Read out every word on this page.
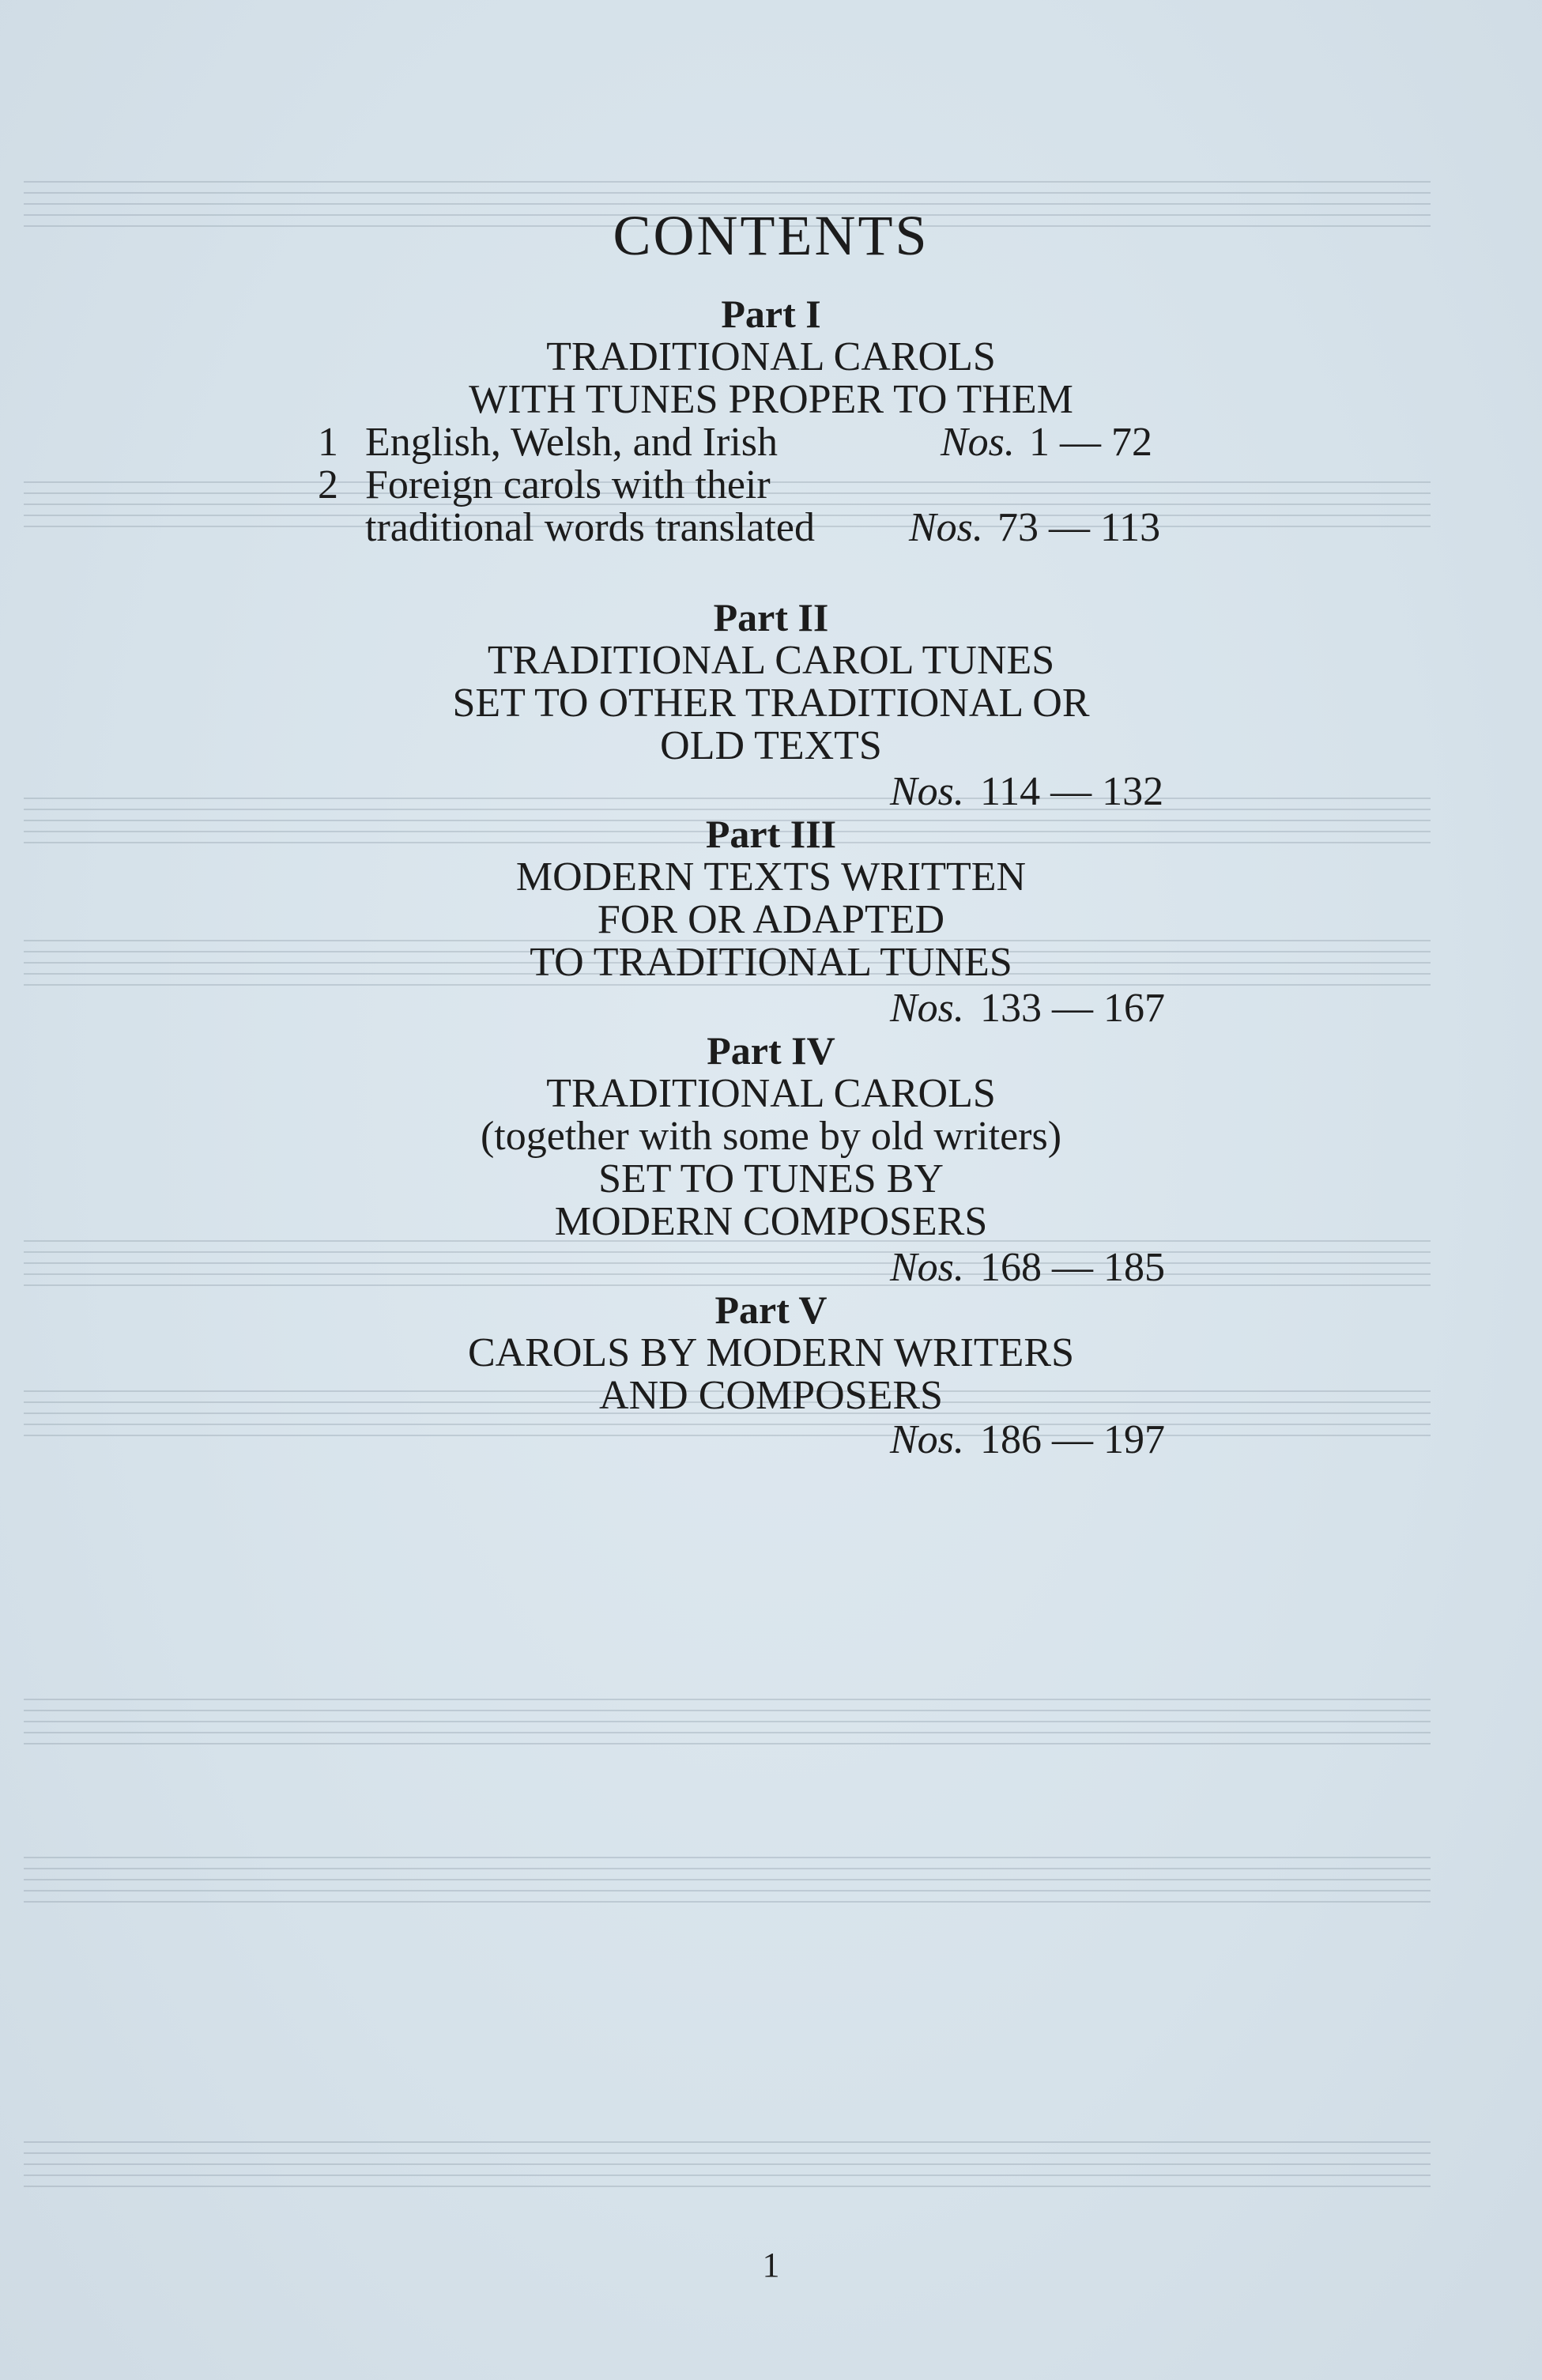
CONTENTS
Part I
TRADITIONAL CAROLS
WITH TUNES PROPER TO THEM
1 English, Welsh, and Irish	Nos. 1 — 72
2 Foreign carols with their
traditional words translated Nos. 73 — 113
Part II
TRADITIONAL CAROL TUNES
SET TO OTHER TRADITIONAL OR
OLD TEXTS
Nos. 114 — 132
Part III
MODERN TEXTS WRITTEN
FOR OR ADAPTED
TO TRADITIONAL TUNES
Nos. 133 — 167
Part IV
TRADITIONAL CAROLS
(together with some by old writers)
SET TO TUNES BY
MODERN COMPOSERS
Nos. 168 — 185
Part V
CAROLS BY MODERN WRITERS
AND COMPOSERS
Nos. 186 — 197
1
